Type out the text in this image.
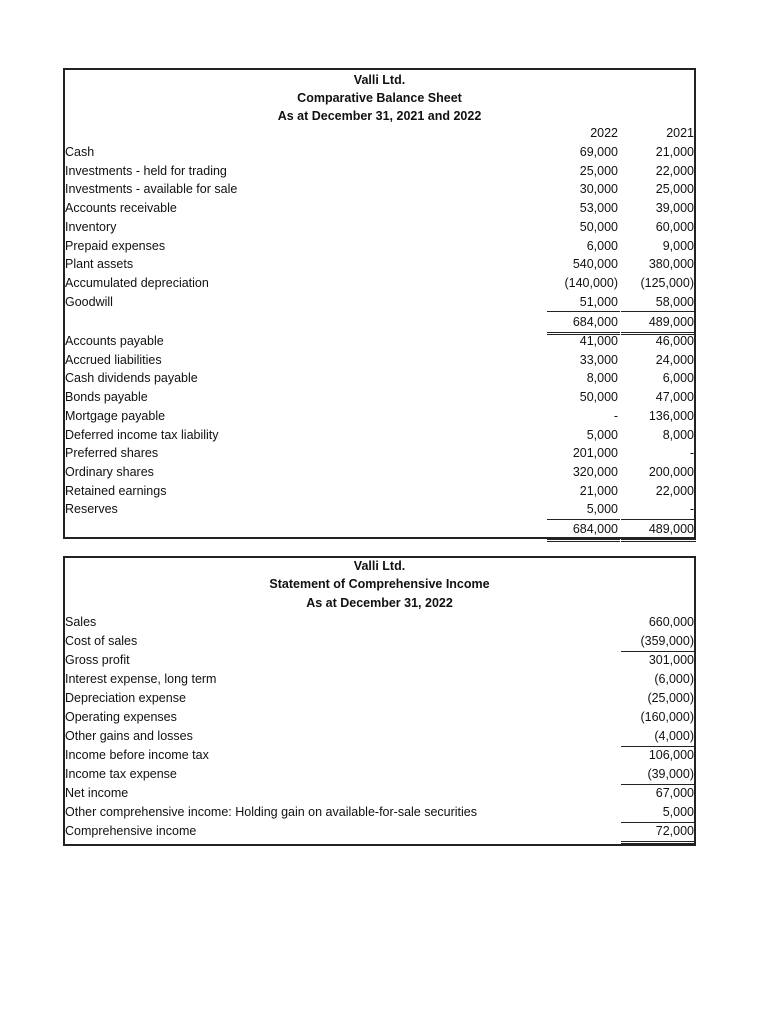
Valli Ltd.
Comparative Balance Sheet
As at December 31, 2021 and 2022
2022	2021
Cash	69,000	21,000
Investments - held for trading	25,000	22,000
Investments - available for sale	30,000	25,000
Accounts receivable	53,000	39,000
Inventory	50,000	60,000
Prepaid expenses	6,000	9,000
Plant assets	540,000	380,000
Accumulated depreciation	(140,000)	(125,000)
Goodwill	51,000	58,000
684,000	489,000
Accounts payable	41,000	46,000
Accrued liabilities	33,000	24,000
Cash dividends payable	8,000	6,000
Bonds payable	50,000	47,000
Mortgage payable	-	136,000
Deferred income tax liability	5,000	8,000
Preferred shares	201,000	-
Ordinary shares	320,000	200,000
Retained earnings	21,000	22,000
Reserves	5,000	-
684,000	489,000
Valli Ltd.
Statement of Comprehensive Income
As at December 31, 2022
Sales	660,000
Cost of sales	(359,000)
Gross profit	301,000
Interest expense, long term	(6,000)
Depreciation expense	(25,000)
Operating expenses	(160,000)
Other gains and losses	(4,000)
Income before income tax	106,000
Income tax expense	(39,000)
Net income	67,000
Other comprehensive income: Holding gain on available-for-sale securities	5,000
Comprehensive income	72,000
